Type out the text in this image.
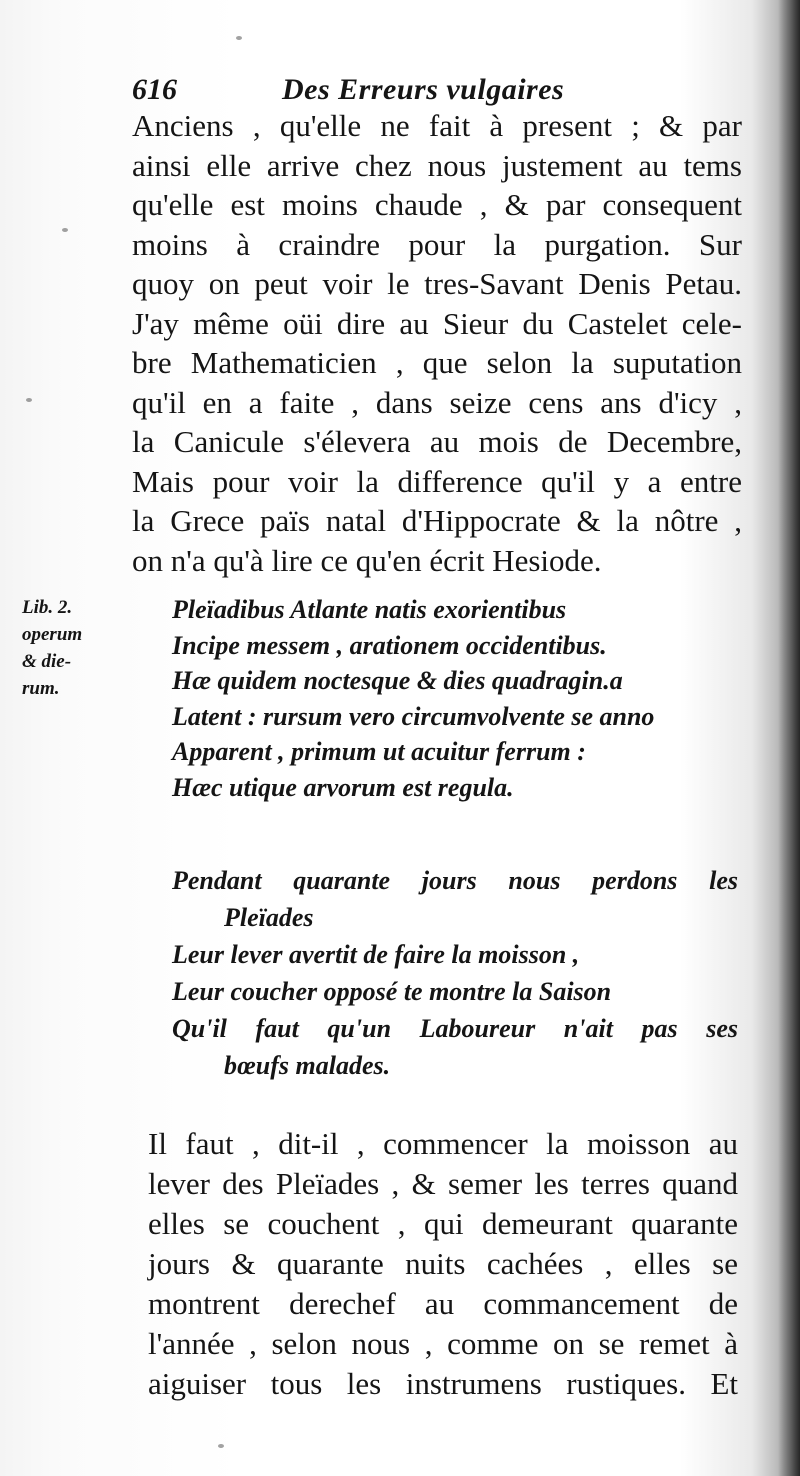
616	Des Erreurs vulgaires
Anciens , qu'elle ne fait à present ; & par
ainsi elle arrive chez nous justement au tems
qu'elle est moins chaude , & par consequent
moins à craindre pour la purgation. Sur
quoy on peut voir le tres-Savant Denis Petau.
J'ay même oüi dire au Sieur du Castelet cele-
bre Mathematicien , que selon la suputation
qu'il en a faite , dans seize cens ans d'icy ,
la Canicule s'élevera au mois de Decembre,
Mais pour voir la difference qu'il y a entre
la Grece païs natal d'Hippocrate & la nôtre ,
on n'a qu'à lire ce qu'en écrit Hesiode.
Lib. 2.
operum
& die-
rum.
Pleïadibus Atlante natis exorientibus
Incipe messem , arationem occidentibus.
Hæ quidem noctesque & dies quadragin.a
Latent : rursum vero circumvolvente se anno
Apparent , primum ut acuitur ferrum :
Hæc utique arvorum est regula.
Pendant quarante jours nous perdons les
Pleïades
Leur lever avertit de faire la moisson ,
Leur coucher opposé te montre la Saison
Qu'il faut qu'un Laboureur n'ait pas ses
bœufs malades.
Il faut , dit-il , commencer la moisson au
lever des Pleïades , & semer les terres quand
elles se couchent , qui demeurant quarante
jours & quarante nuits cachées , elles se
montrent derechef au commancement de
l'année , selon nous , comme on se remet à
aiguiser tous les instrumens rustiques. Et
